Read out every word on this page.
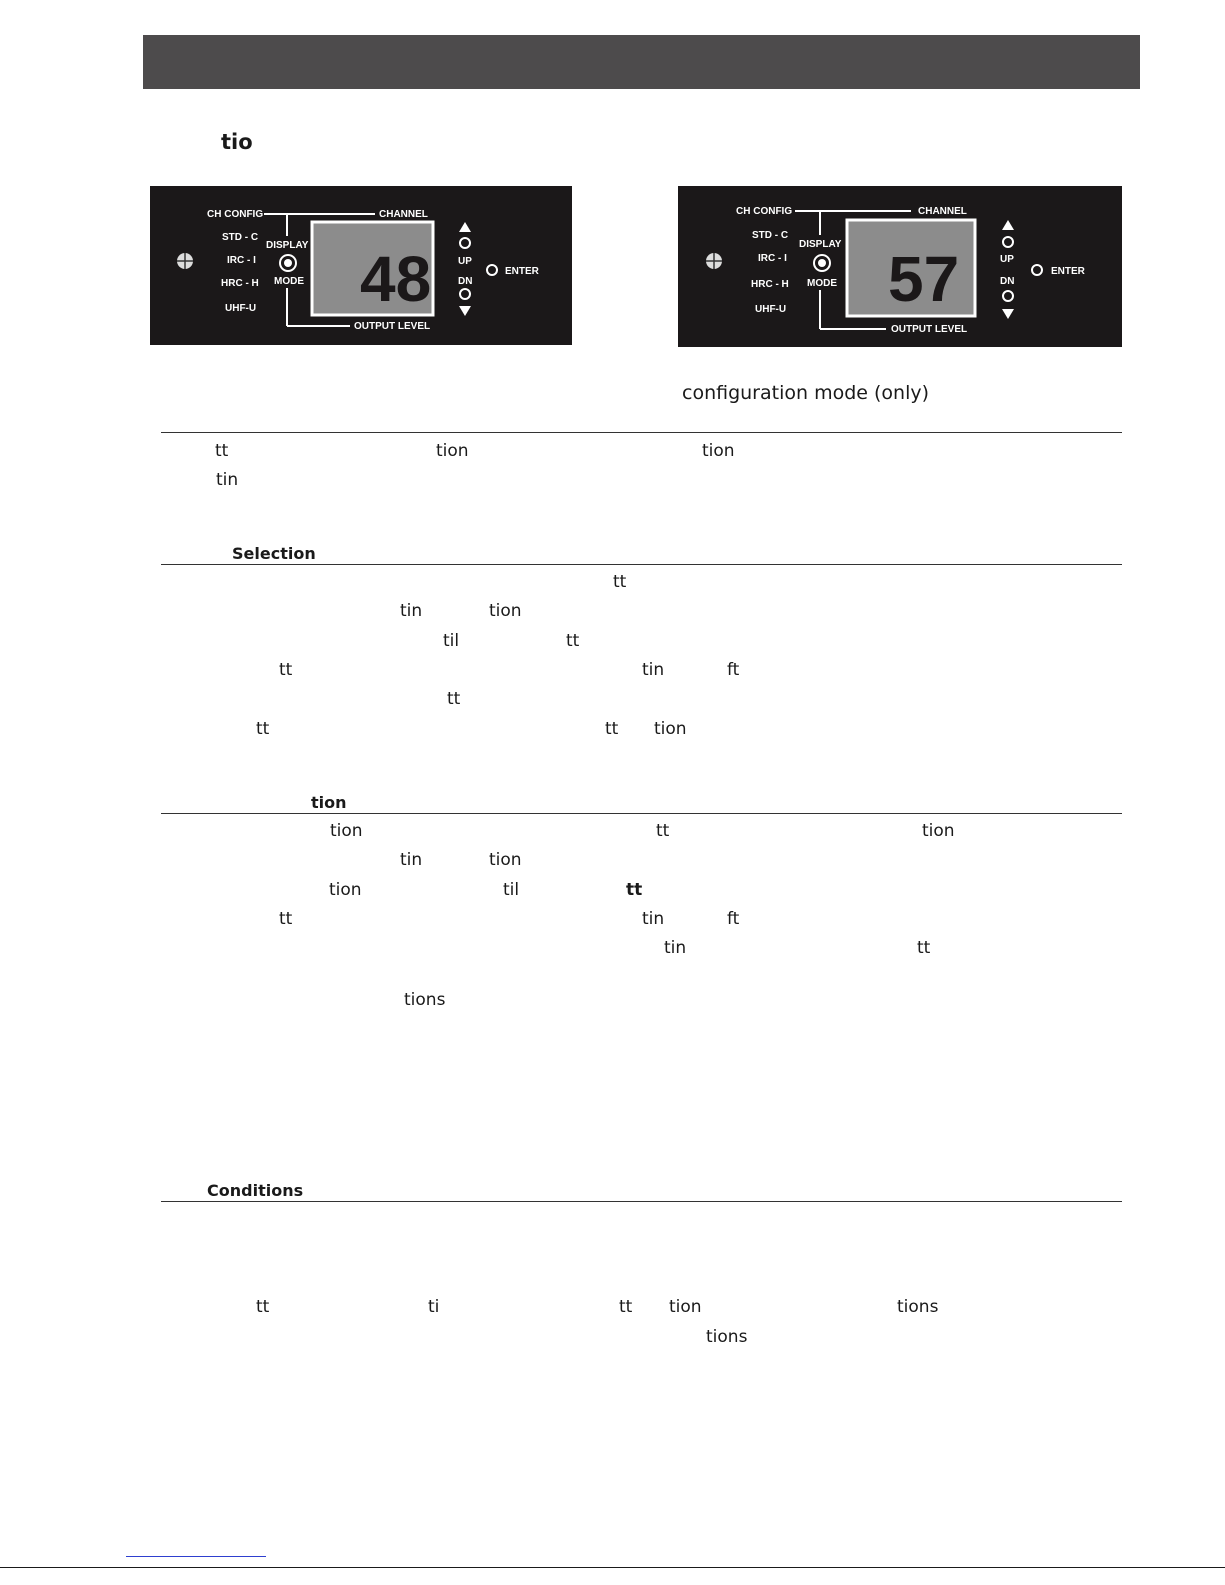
tio
CH CONFIG	CHANNEL
STD - C
IRC - I
HRC - H
UHF-U
DISPLAY
MODE
OUTPUT LEVEL
48	UP
DN
ENTER
CH CONFIG	CHANNEL
STD - C
IRC - I
HRC - H
UHF-U
DISPLAY
MODE
OUTPUT LEVEL
57	UP
DN
ENTER
configuration mode (only)
tt	tion	tion
tin
Selection
tt
tin	tion
til	tt
tt	tin	ft
tt
tt	tt tion
tion
tion	tt	tion
tin	tion
tion	til	tt
tt	tin	ft
tin	tt
tions
Conditions
tt	ti	tt tion	tions
tions
